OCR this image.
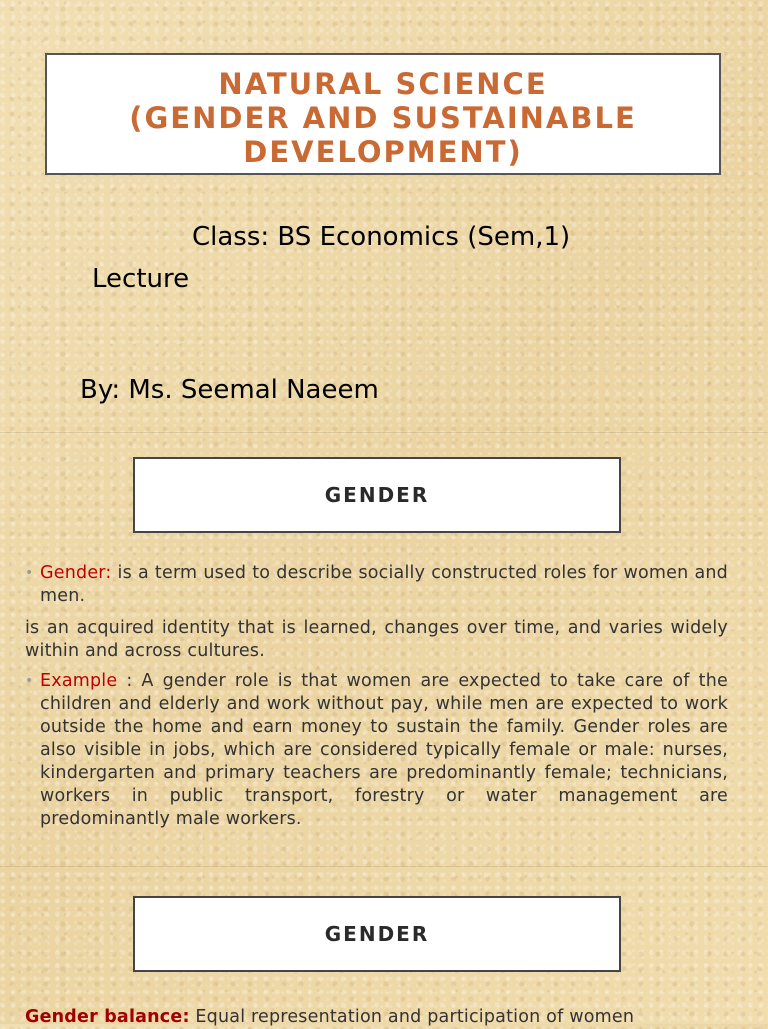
NATURAL SCIENCE
(GENDER AND SUSTAINABLE
DEVELOPMENT)
Class: BS Economics (Sem,1)
Lecture
By: Ms. Seemal Naeem
GENDER
• Gender: is a term used to describe socially constructed roles for women and men.
is an acquired identity that is learned, changes over time, and varies widely within and across cultures.
• Example : A gender role is that women are expected to take care of the children and elderly and work without pay, while men are expected to work outside the home and earn money to sustain the family. Gender roles are also visible in jobs, which are considered typically female or male: nurses, kindergarten and primary teachers are predominantly female; technicians, workers in public transport, forestry or water management are predominantly male workers.
GENDER
Gender balance: Equal representation and participation of women
